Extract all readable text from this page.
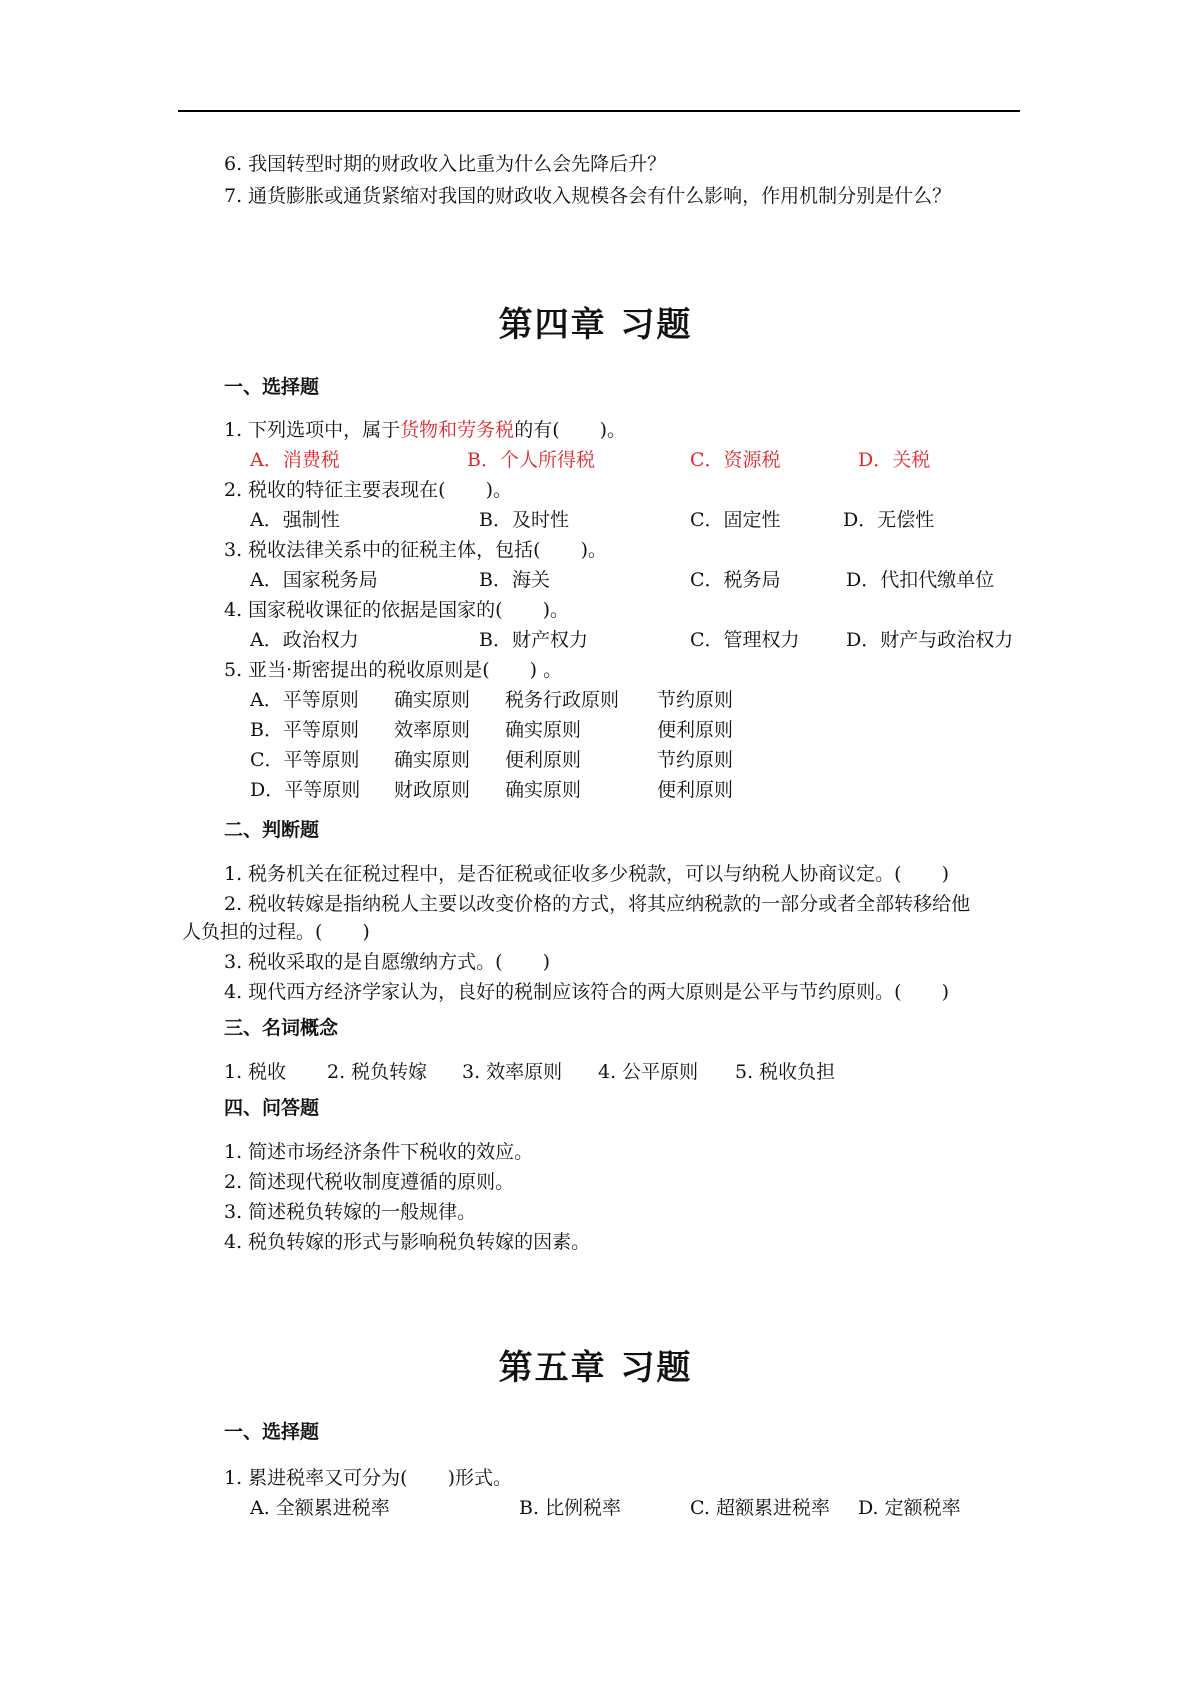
6. 我国转型时期的财政收入比重为什么会先降后升？
7. 通货膨胀或通货紧缩对我国的财政收入规模各会有什么影响，作用机制分别是什么？
第四章 习题
一、选择题
1. 下列选项中，属于货物和劳务税的有( )。
A．消费税	B．个人所得税	C．资源税	D．关税
2. 税收的特征主要表现在( )。
A．强制性	B．及时性	C．固定性	D．无偿性
3. 税收法律关系中的征税主体，包括( )。
A．国家税务局	B．海关	C．税务局	D．代扣代缴单位
4. 国家税收课征的依据是国家的( )。
A．政治权力	B．财产权力	C．管理权力 D．财产与政治权力
5. 亚当·斯密提出的税收原则是( ) 。
A．平等原则 确实原则 税务行政原则 节约原则
B．平等原则 效率原则 确实原则	便利原则
C．平等原则 确实原则 便利原则	节约原则
D．平等原则 财政原则 确实原则	便利原则
二、判断题
1. 税务机关在征税过程中，是否征税或征收多少税款，可以与纳税人协商议定。( )
2. 税收转嫁是指纳税人主要以改变价格的方式，将其应纳税款的一部分或者全部转移给他
人负担的过程。( )
3. 税收采取的是自愿缴纳方式。( )
4. 现代西方经济学家认为，良好的税制应该符合的两大原则是公平与节约原则。( )
三、名词概念
1. 税收 2. 税负转嫁 3. 效率原则 4. 公平原则 5. 税收负担
四、问答题
1. 简述市场经济条件下税收的效应。
2. 简述现代税收制度遵循的原则。
3. 简述税负转嫁的一般规律。
4. 税负转嫁的形式与影响税负转嫁的因素。
第五章 习题
一、选择题
1. 累进税率又可分为( )形式。
A. 全额累进税率	B. 比例税率	C. 超额累进税率 D. 定额税率
